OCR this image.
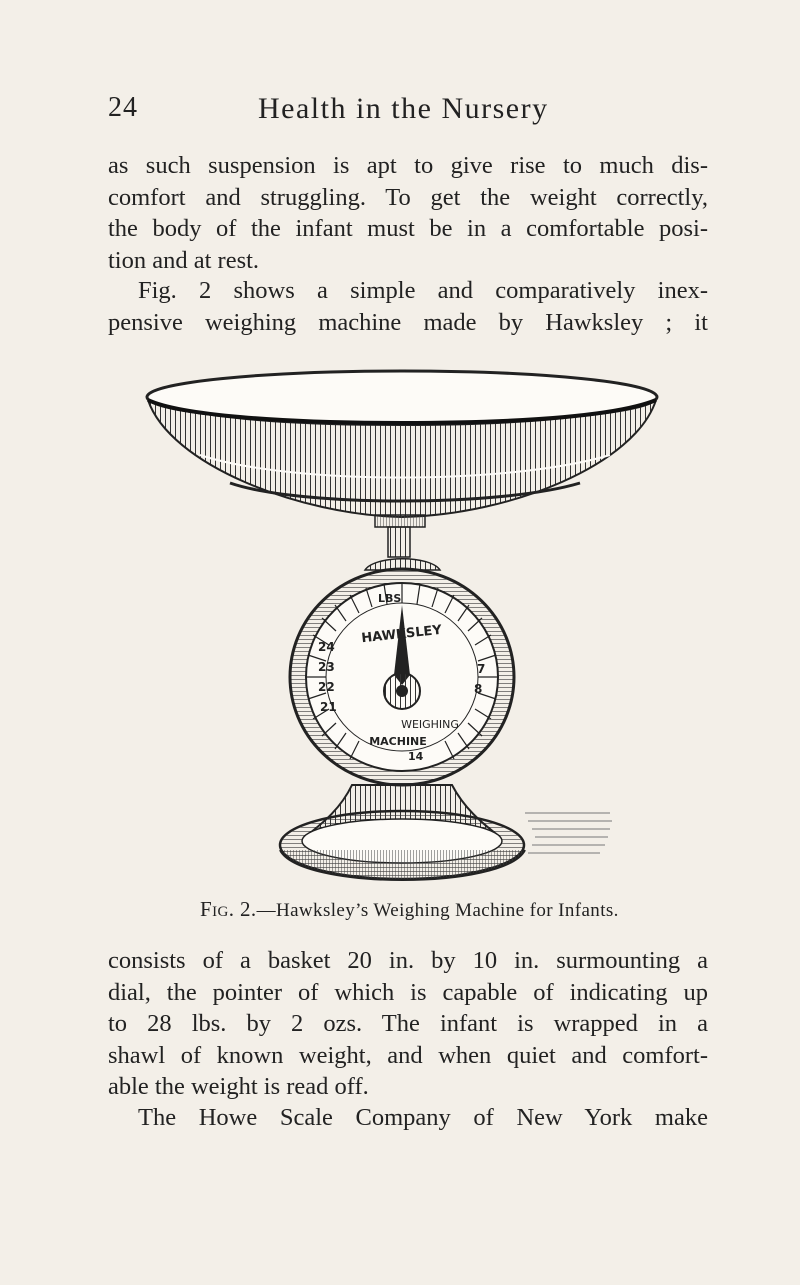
24	Health in the Nursery

as such suspension is apt to give rise to much dis-
comfort and struggling. To get the weight correctly,
the body of the infant must be in a comfortable posi-
tion and at rest.

Fig. 2 shows a simple and comparatively inex-
pensive weighing machine made by Hawksley ; it

LBS
HAWKSLEY
WEIGHING
MACHINE
24
23
22
21
14
7
8
Fig. 2.—Hawksley’s Weighing Machine for Infants.

consists of a basket 20 in. by 10 in. surmounting a
dial, the pointer of which is capable of indicating up
to 28 lbs. by 2 ozs. The infant is wrapped in a
shawl of known weight, and when quiet and comfort-
able the weight is read off.

The Howe Scale Company of New York make
